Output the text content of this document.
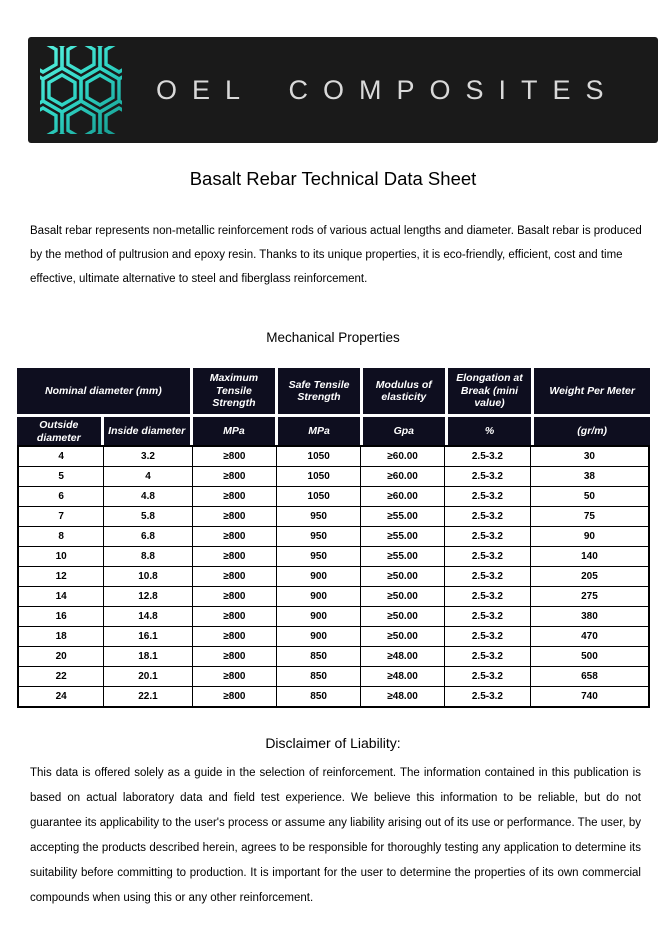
OEL COMPOSITES
Basalt Rebar Technical Data Sheet

Basalt rebar represents non-metallic reinforcement rods of various actual lengths and diameter. Basalt rebar is produced by the method of pultrusion and epoxy resin. Thanks to its unique properties, it is eco-friendly, efficient, cost and time effective, ultimate alternative to steel and fiberglass reinforcement.

Mechanical Properties
Nominal diameter (mm)		Maximum Tensile Strength	Safe Tensile Strength	Modulus of elasticity	Elongation at Break (mini value)	Weight Per Meter
Outside diameter	Inside diameter	MPa	MPa	Gpa	%	(gr/m)
4	3.2	≥800	1050	≥60.00	2.5-3.2	30
5	4	≥800	1050	≥60.00	2.5-3.2	38
6	4.8	≥800	1050	≥60.00	2.5-3.2	50
7	5.8	≥800	950	≥55.00	2.5-3.2	75
8	6.8	≥800	950	≥55.00	2.5-3.2	90
10	8.8	≥800	950	≥55.00	2.5-3.2	140
12	10.8	≥800	900	≥50.00	2.5-3.2	205
14	12.8	≥800	900	≥50.00	2.5-3.2	275
16	14.8	≥800	900	≥50.00	2.5-3.2	380
18	16.1	≥800	900	≥50.00	2.5-3.2	470
20	18.1	≥800	850	≥48.00	2.5-3.2	500
22	20.1	≥800	850	≥48.00	2.5-3.2	658
24	22.1	≥800	850	≥48.00	2.5-3.2	740
Disclaimer of Liability:

This data is offered solely as a guide in the selection of reinforcement. The information contained in this publication is based on actual laboratory data and field test experience. We believe this information to be reliable, but do not guarantee its applicability to the user's process or assume any liability arising out of its use or performance. The user, by accepting the products described herein, agrees to be responsible for thoroughly testing any application to determine its suitability before committing to production. It is important for the user to determine the properties of its own commercial compounds when using this or any other reinforcement.
